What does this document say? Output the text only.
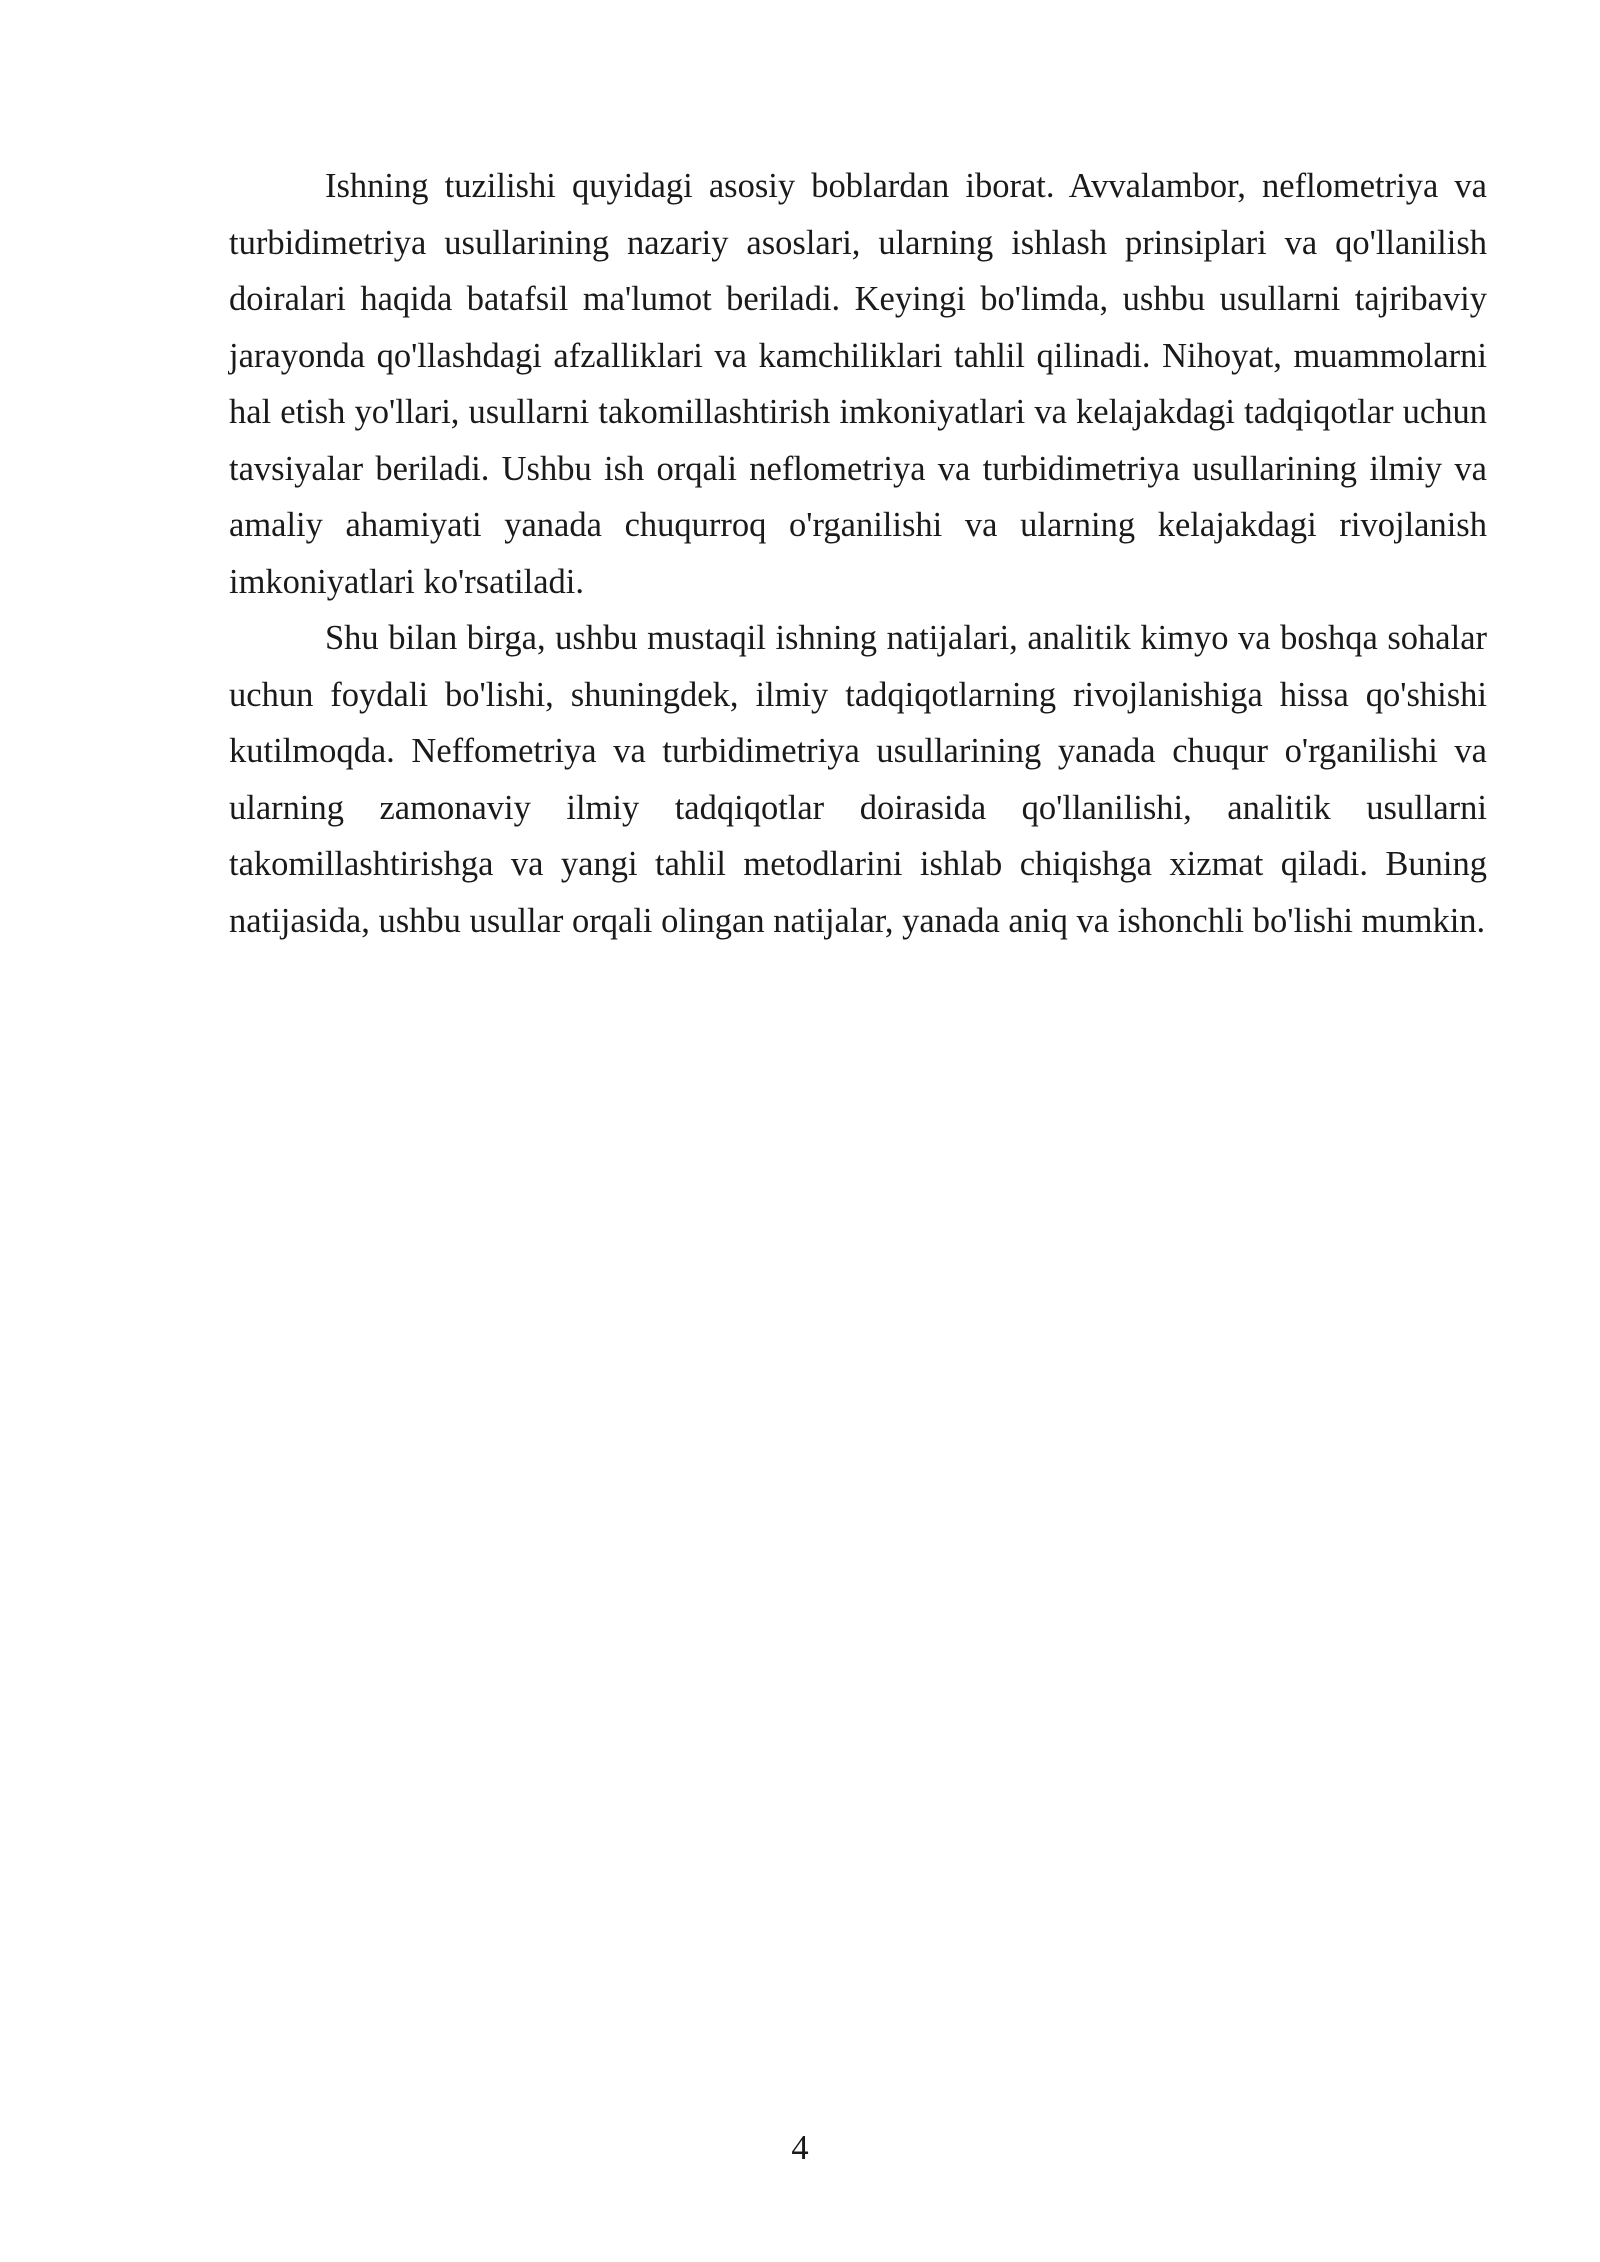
Ishning tuzilishi quyidagi asosiy boblardan iborat. Avvalambor, neflometriya va turbidimetriya usullarining nazariy asoslari, ularning ishlash prinsiplari va qo'llanilish doiralari haqida batafsil ma'lumot beriladi. Keyingi bo'limda, ushbu usullarni tajribaviy jarayonda qo'llashdagi afzalliklari va kamchiliklari tahlil qilinadi. Nihoyat, muammolarni hal etish yo'llari, usullarni takomillashtirish imkoniyatlari va kelajakdagi tadqiqotlar uchun tavsiyalar beriladi. Ushbu ish orqali neflometriya va turbidimetriya usullarining ilmiy va amaliy ahamiyati yanada chuqurroq o'rganilishi va ularning kelajakdagi rivojlanish imkoniyatlari ko'rsatiladi.

Shu bilan birga, ushbu mustaqil ishning natijalari, analitik kimyo va boshqa sohalar uchun foydali bo'lishi, shuningdek, ilmiy tadqiqotlarning rivojlanishiga hissa qo'shishi kutilmoqda. Neffometriya va turbidimetriya usullarining yanada chuqur o'rganilishi va ularning zamonaviy ilmiy tadqiqotlar doirasida qo'llanilishi, analitik usullarni takomillashtirishga va yangi tahlil metodlarini ishlab chiqishga xizmat qiladi. Buning natijasida, ushbu usullar orqali olingan natijalar, yanada aniq va ishonchli bo'lishi mumkin.

4
